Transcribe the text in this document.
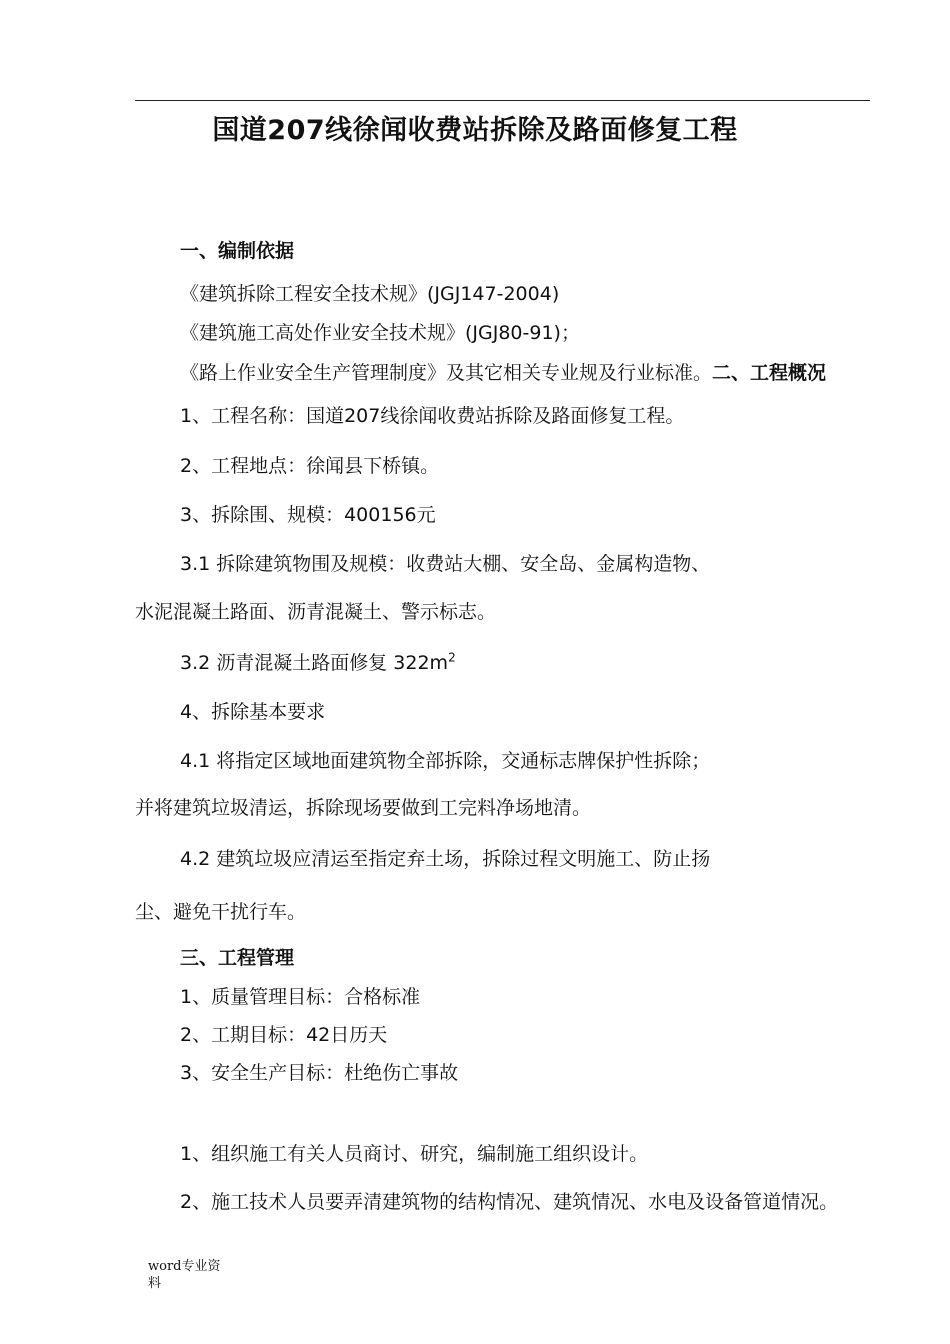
国道207线徐闻收费站拆除及路面修复工程
一、编制依据
《建筑拆除工程安全技术规》(JGJ147-2004)
《建筑施工高处作业安全技术规》(JGJ80-91)；
《路上作业安全生产管理制度》及其它相关专业规及行业标准。二、工程概况
1、工程名称：国道207线徐闻收费站拆除及路面修复工程。
2、工程地点：徐闻县下桥镇。
3、拆除围、规模：400156元
3.1 拆除建筑物围及规模：收费站大棚、安全岛、金属构造物、
水泥混凝土路面、沥青混凝土、警示标志。
3.2 沥青混凝土路面修复 $322m^2$
4、拆除基本要求
4.1 将指定区域地面建筑物全部拆除，交通标志牌保护性拆除；
并将建筑垃圾清运，拆除现场要做到工完料净场地清。
4.2 建筑垃圾应清运至指定弃土场，拆除过程文明施工、防止扬
尘、避免干扰行车。
三、工程管理
1、质量管理目标：合格标准
2、工期目标：42日历天
3、安全生产目标：杜绝伤亡事故
1、组织施工有关人员商讨、研究，编制施工组织设计。
2、施工技术人员要弄清建筑物的结构情况、建筑情况、水电及设备管道情况。
word专业资
料
